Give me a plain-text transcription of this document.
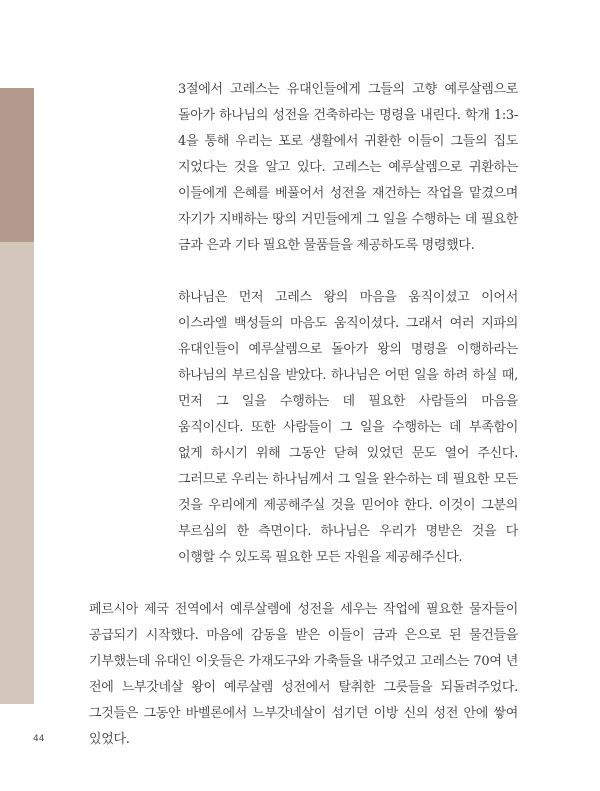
3절에서 고레스는 유대인들에게 그들의 고향 예루살렘으로 돌아가 하나님의 성전을 건축하라는 명령을 내린다. 학개 1:3-4을 통해 우리는 포로 생활에서 귀환한 이들이 그들의 집도 지었다는 것을 알고 있다. 고레스는 예루살렘으로 귀환하는 이들에게 은혜를 베풀어서 성전을 재건하는 작업을 맡겼으며 자기가 지배하는 땅의 거민들에게 그 일을 수행하는 데 필요한 금과 은과 기타 필요한 물품들을 제공하도록 명령했다.

하나님은 먼저 고레스 왕의 마음을 움직이셨고 이어서 이스라엘 백성들의 마음도 움직이셨다. 그래서 여러 지파의 유대인들이 예루살렘으로 돌아가 왕의 명령을 이행하라는 하나님의 부르심을 받았다. 하나님은 어떤 일을 하려 하실 때, 먼저 그 일을 수행하는 데 필요한 사람들의 마음을 움직이신다. 또한 사람들이 그 일을 수행하는 데 부족함이 없게 하시기 위해 그동안 닫혀 있었던 문도 열어 주신다. 그러므로 우리는 하나님께서 그 일을 완수하는 데 필요한 모든 것을 우리에게 제공해주실 것을 믿어야 한다. 이것이 그분의 부르심의 한 측면이다. 하나님은 우리가 명받은 것을 다 이행할 수 있도록 필요한 모든 자원을 제공해주신다.

페르시아 제국 전역에서 예루살렘에 성전을 세우는 작업에 필요한 물자들이 공급되기 시작했다. 마음에 감동을 받은 이들이 금과 은으로 된 물건들을 기부했는데 유대인 이웃들은 가재도구와 가축들을 내주었고 고레스는 70여 년 전에 느부갓네살 왕이 예루살렘 성전에서 탈취한 그릇들을 되돌려주었다. 그것들은 그동안 바벨론에서 느부갓네살이 섬기던 이방 신의 성전 안에 쌓여 있었다.

44
